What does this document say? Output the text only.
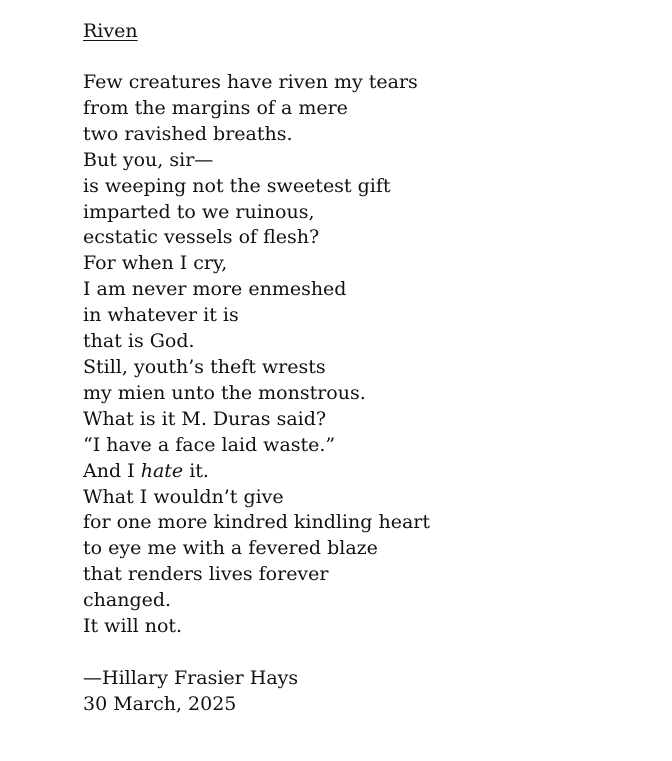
Riven
Few creatures have riven my tears
from the margins of a mere
two ravished breaths.
But you, sir—
is weeping not the sweetest gift
imparted to we ruinous,
ecstatic vessels of flesh?
For when I cry,
I am never more enmeshed
in whatever it is
that is God.
Still, youth’s theft wrests
my mien unto the monstrous.
What is it M. Duras said?
“I have a face laid waste.”
And I hate it.
What I wouldn’t give
for one more kindred kindling heart
to eye me with a fevered blaze
that renders lives forever
changed.
It will not.
—Hillary Frasier Hays
30 March, 2025
